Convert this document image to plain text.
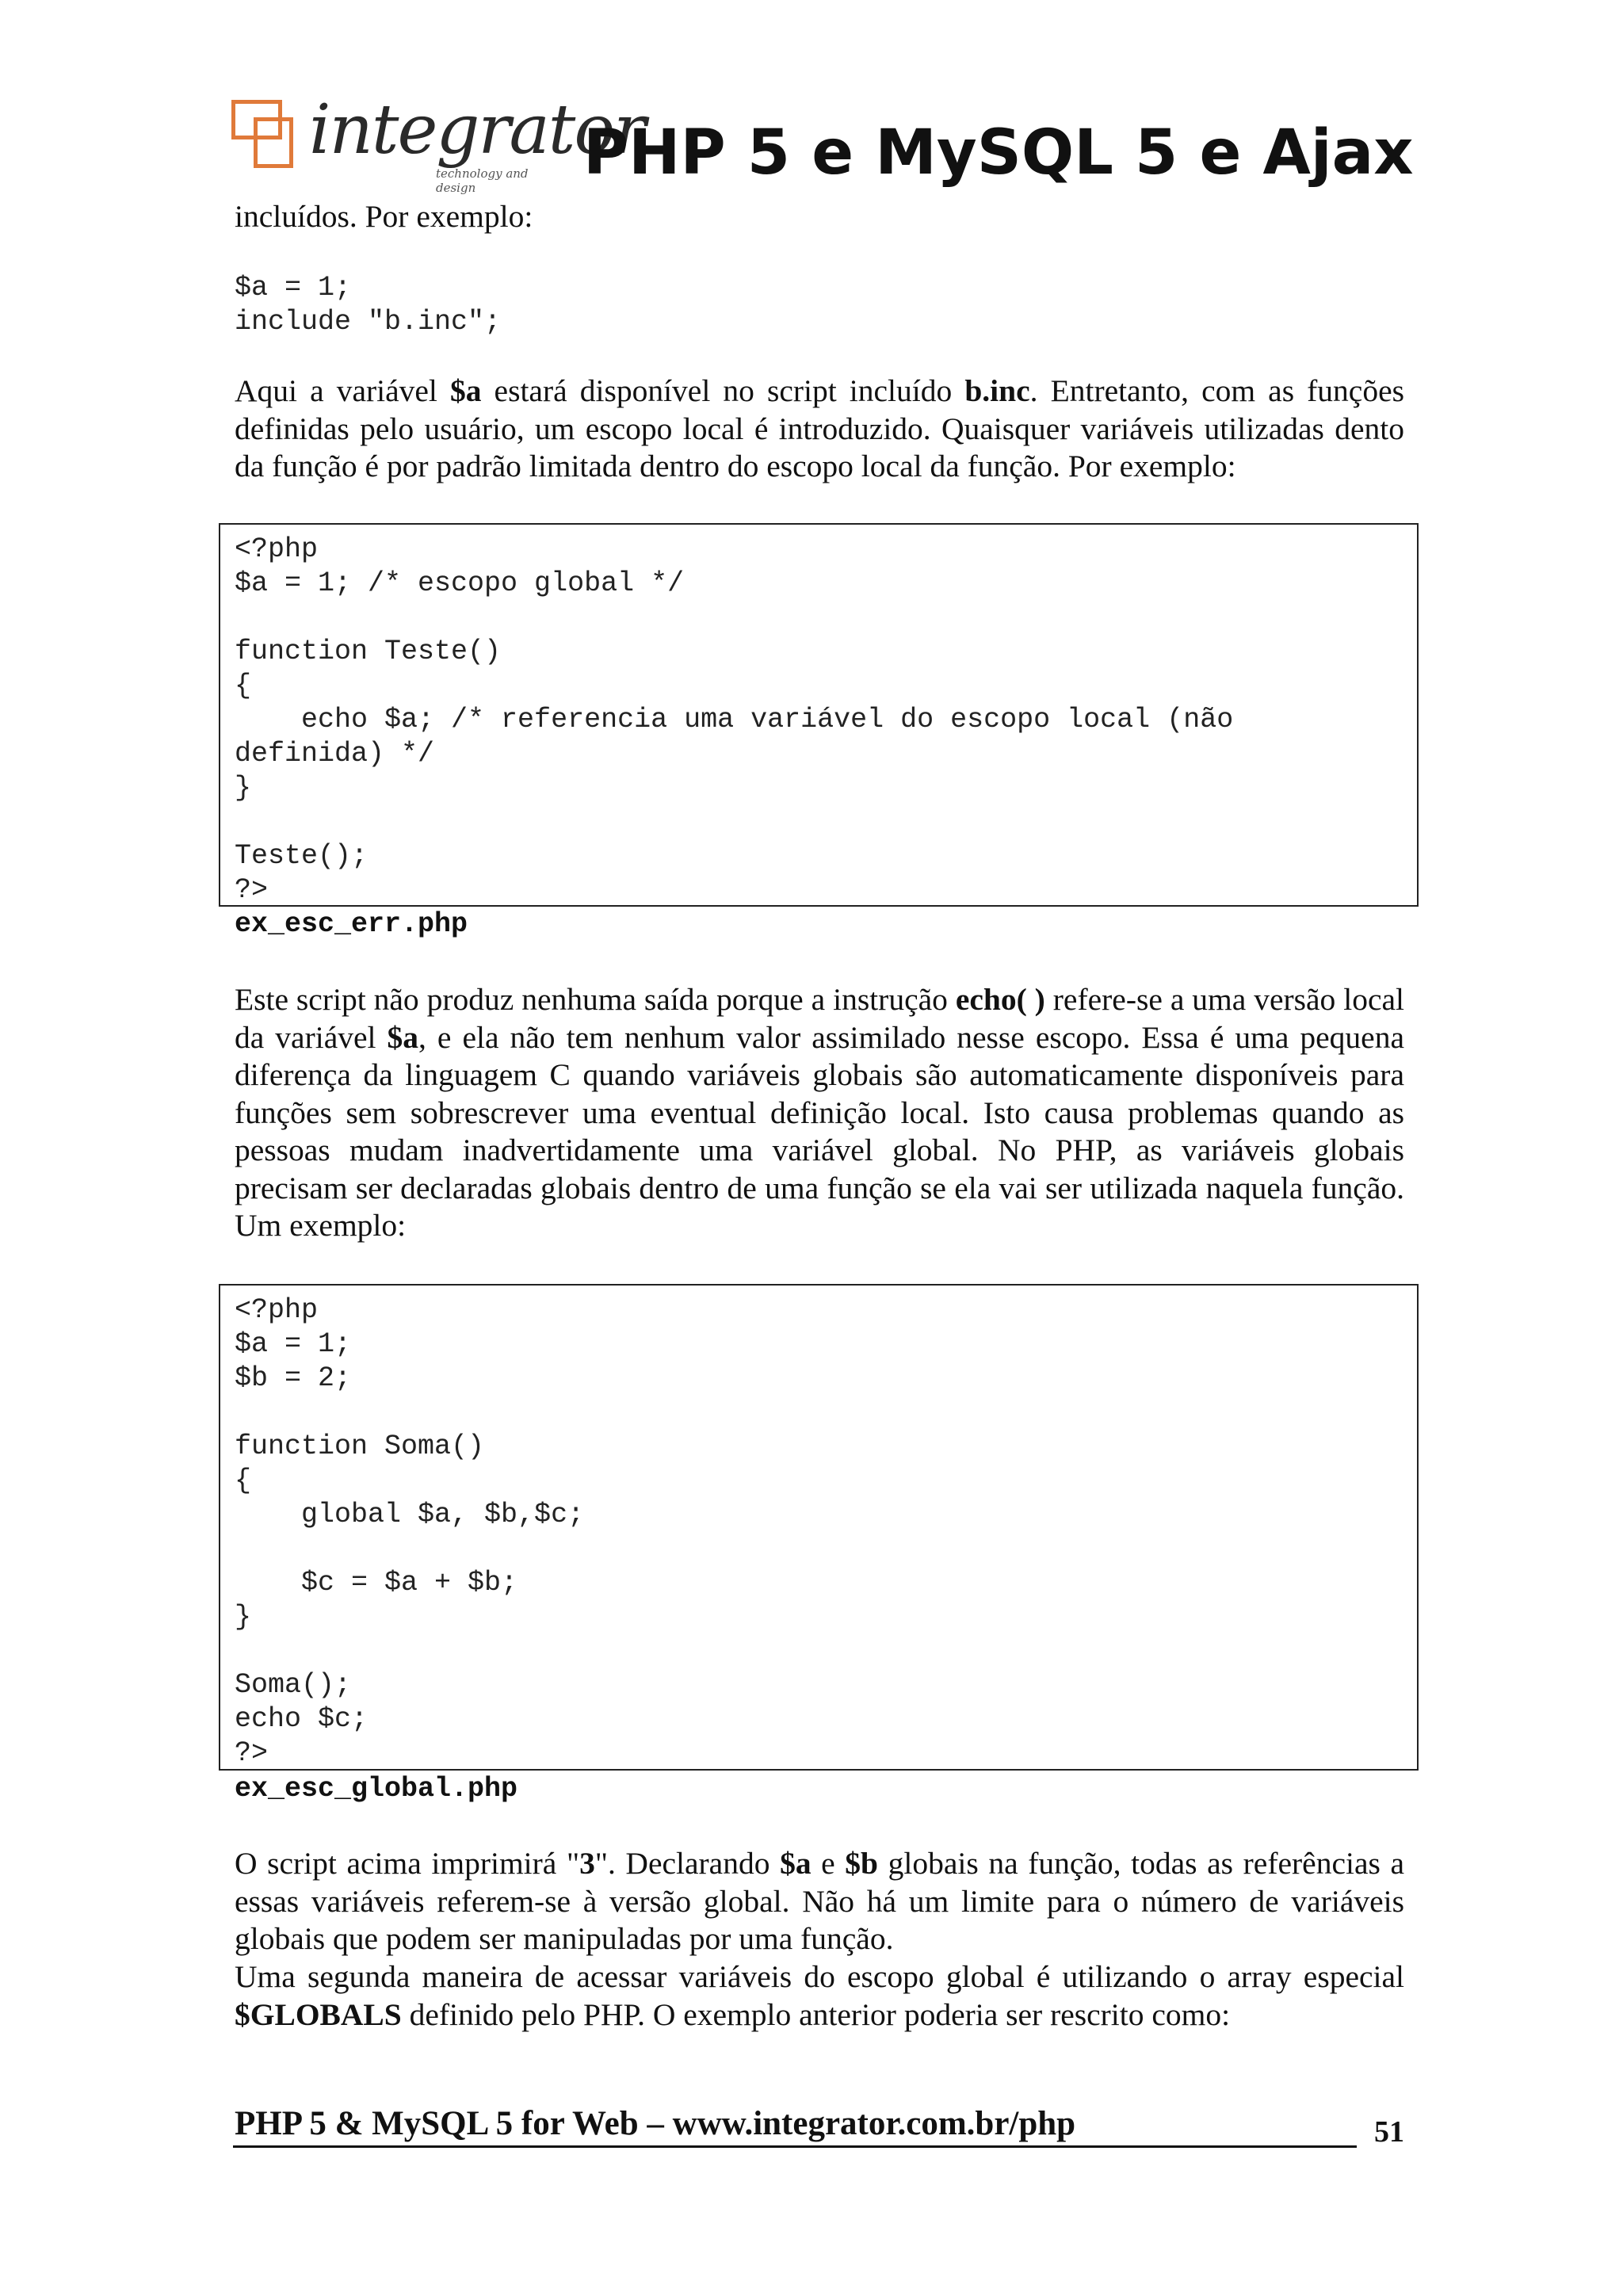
integrator
technology and design	PHP 5 e MySQL 5 e Ajax

incluídos. Por exemplo:

$a = 1;
include "b.inc";

Aqui a variável $a estará disponível no script incluído b.inc. Entretanto, com as funções definidas pelo usuário, um escopo local é introduzido. Quaisquer variáveis utilizadas dento da função é por padrão limitada dentro do escopo local da função. Por exemplo:

<?php
$a = 1; /* escopo global */

function Teste()
{
echo $a; /* referencia uma variável do escopo local (não
definida) */
}

Teste();
?>

ex_esc_err.php

Este script não produz nenhuma saída porque a instrução echo( ) refere-se a uma versão local da variável $a, e ela não tem nenhum valor assimilado nesse escopo. Essa é uma pequena diferença da linguagem C quando variáveis globais são automaticamente disponíveis para funções sem sobrescrever uma eventual definição local. Isto causa problemas quando as pessoas mudam inadvertidamente uma variável global. No PHP, as variáveis globais precisam ser declaradas globais dentro de uma função se ela vai ser utilizada naquela função. Um exemplo:

<?php
$a = 1;
$b = 2;

function Soma()
{
global $a, $b,$c;

$c = $a + $b;
}

Soma();
echo $c;
?>

ex_esc_global.php

O script acima imprimirá "3". Declarando $a e $b globais na função, todas as referências a essas variáveis referem-se à versão global. Não há um limite para o número de variáveis globais que podem ser manipuladas por uma função.

Uma segunda maneira de acessar variáveis do escopo global é utilizando o array especial $GLOBALS definido pelo PHP. O exemplo anterior poderia ser rescrito como:

PHP 5 & MySQL 5 for Web – www.integrator.com.br/php	51
